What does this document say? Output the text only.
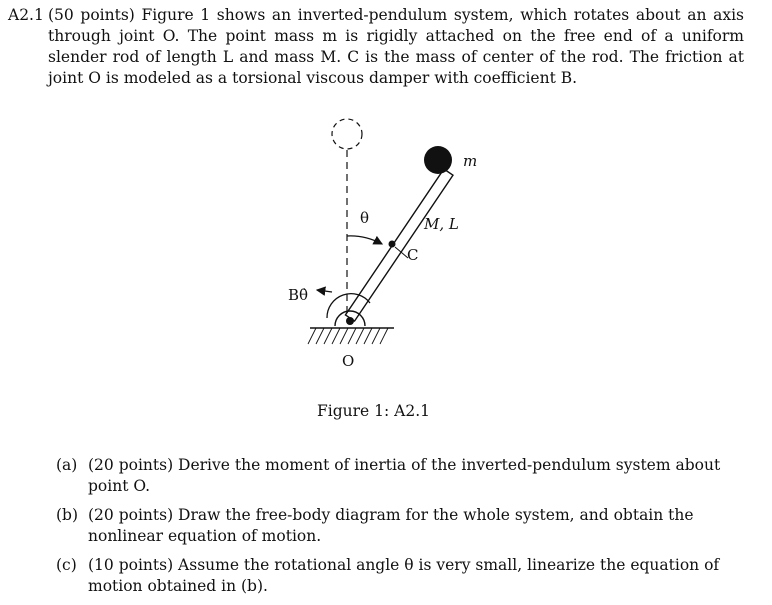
A2.1 (50 points) Figure 1 shows an inverted-pendulum system, which rotates about an axis through joint O. The point mass m is rigidly attached on the free end of a uniform slender rod of length L and mass M. C is the mass of center of the rod. The friction at joint O is modeled as a torsional viscous damper with coefficient B.
m
M, L
C
θ
Bθ̇
O
Figure 1: A2.1
(a) (20 points) Derive the moment of inertia of the inverted-pendulum system about point O.
(b) (20 points) Draw the free-body diagram for the whole system, and obtain the nonlinear equation of motion.
(c) (10 points) Assume the rotational angle θ is very small, linearize the equation of motion obtained in (b).
